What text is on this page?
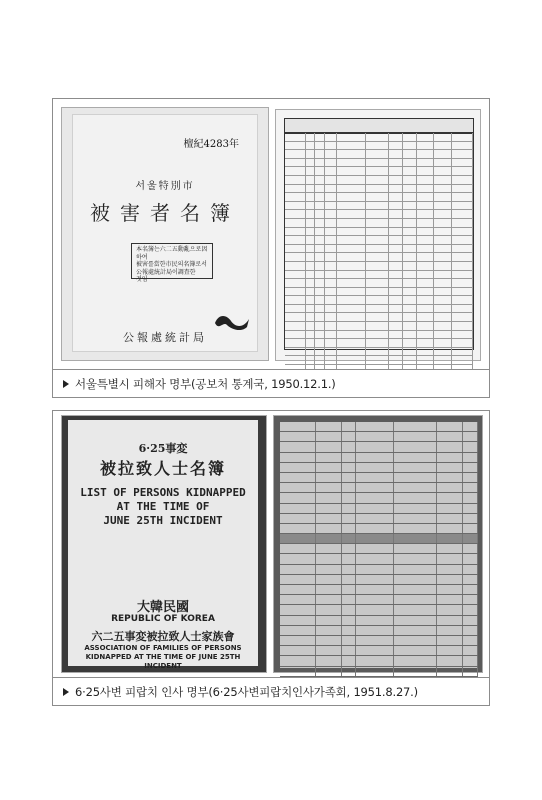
檀紀4283年
서울特別市
被害者名簿
本名簿는六二五動亂으로因하여
被害를當한市民의名簿로서
公報處統計局이調査한
것임
公報處統計局
서울특별시 피해자 명부(공보처 통계국, 1950.12.1.)
6·25事変
被拉致人士名簿
LIST OF PERSONS KIDNAPPED
AT THE TIME OF
JUNE 25TH INCIDENT
大韓民國
REPUBLIC OF KOREA
六二五事変被拉致人士家族會
ASSOCIATION OF FAMILIES OF PERSONS
KIDNAPPED AT THE TIME OF JUNE 25TH INCIDENT
6·25사변 피랍치 인사 명부(6·25사변피랍치인사가족회, 1951.8.27.)
